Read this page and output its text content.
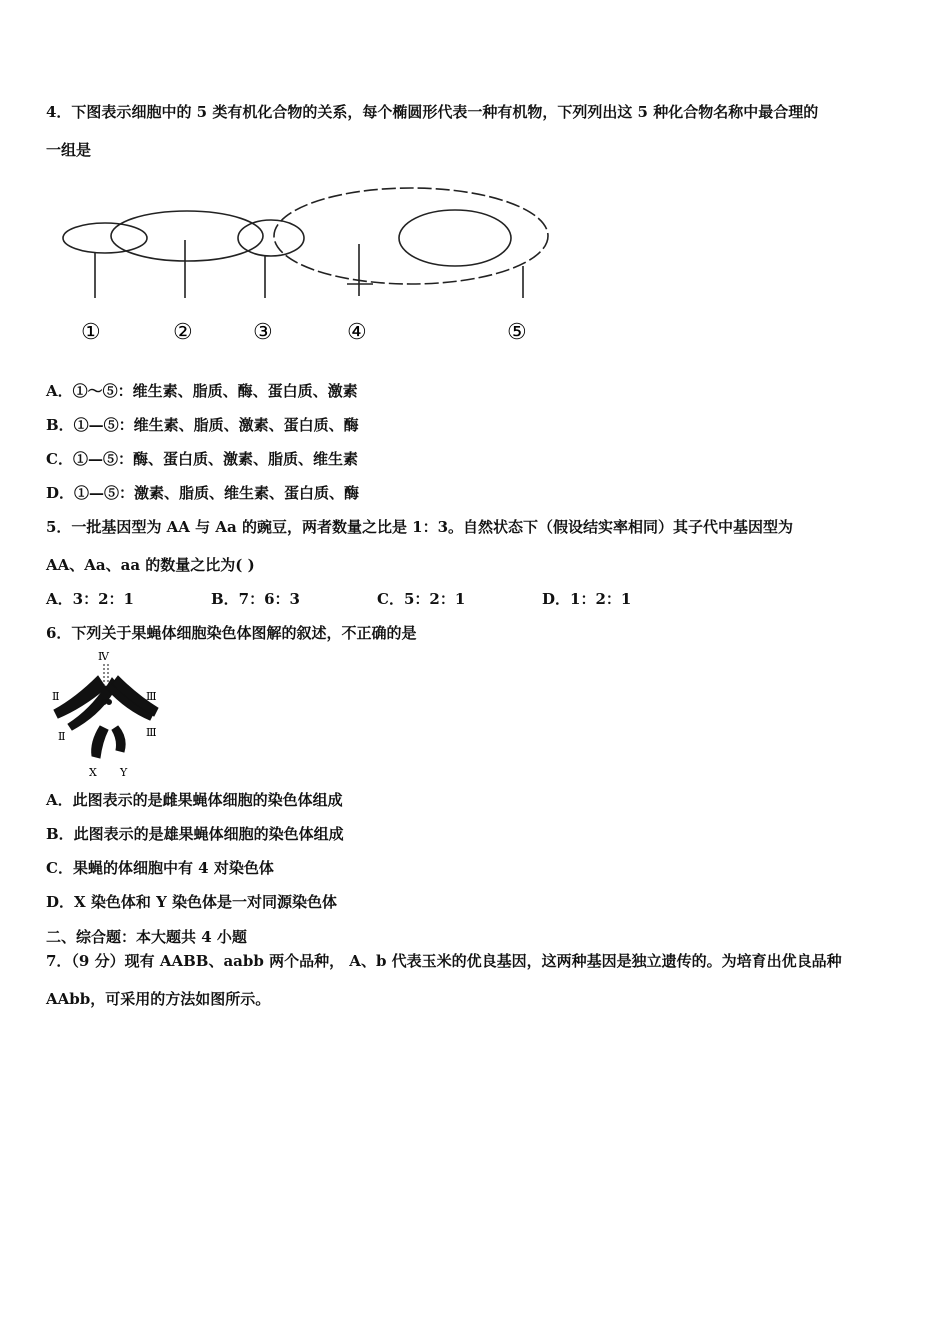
4．下图表示细胞中的 5 类有机化合物的关系，每个椭圆形代表一种有机物，下列列出这 5 种化合物名称中最合理的
一组是
①	②	③	④	⑤
A．①～⑤：维生素、脂质、酶、蛋白质、激素
B．①—⑤：维生素、脂质、激素、蛋白质、酶
C．①—⑤：酶、蛋白质、激素、脂质、维生素
D．①—⑤：激素、脂质、维生素、蛋白质、酶
5．一批基因型为 AA 与 Aa 的豌豆，两者数量之比是 1：3。自然状态下（假设结实率相同）其子代中基因型为
AA、Aa、aa 的数量之比为( )
A．3：2：1	B．7：6：3	C．5：2：1	D．1：2：1
6．下列关于果蝇体细胞染色体图解的叙述，不正确的是
Ⅳ
Ⅱ	Ⅲ
Ⅱ	Ⅲ
X Y
A．此图表示的是雌果蝇体细胞的染色体组成
B．此图表示的是雄果蝇体细胞的染色体组成
C．果蝇的体细胞中有 4 对染色体
D．X 染色体和 Y 染色体是一对同源染色体
二、综合题：本大题共 4 小题
7．（9 分）现有 AABB、aabb 两个品种， A、b 代表玉米的优良基因，这两种基因是独立遗传的。为培育出优良品种
AAbb，可采用的方法如图所示。
